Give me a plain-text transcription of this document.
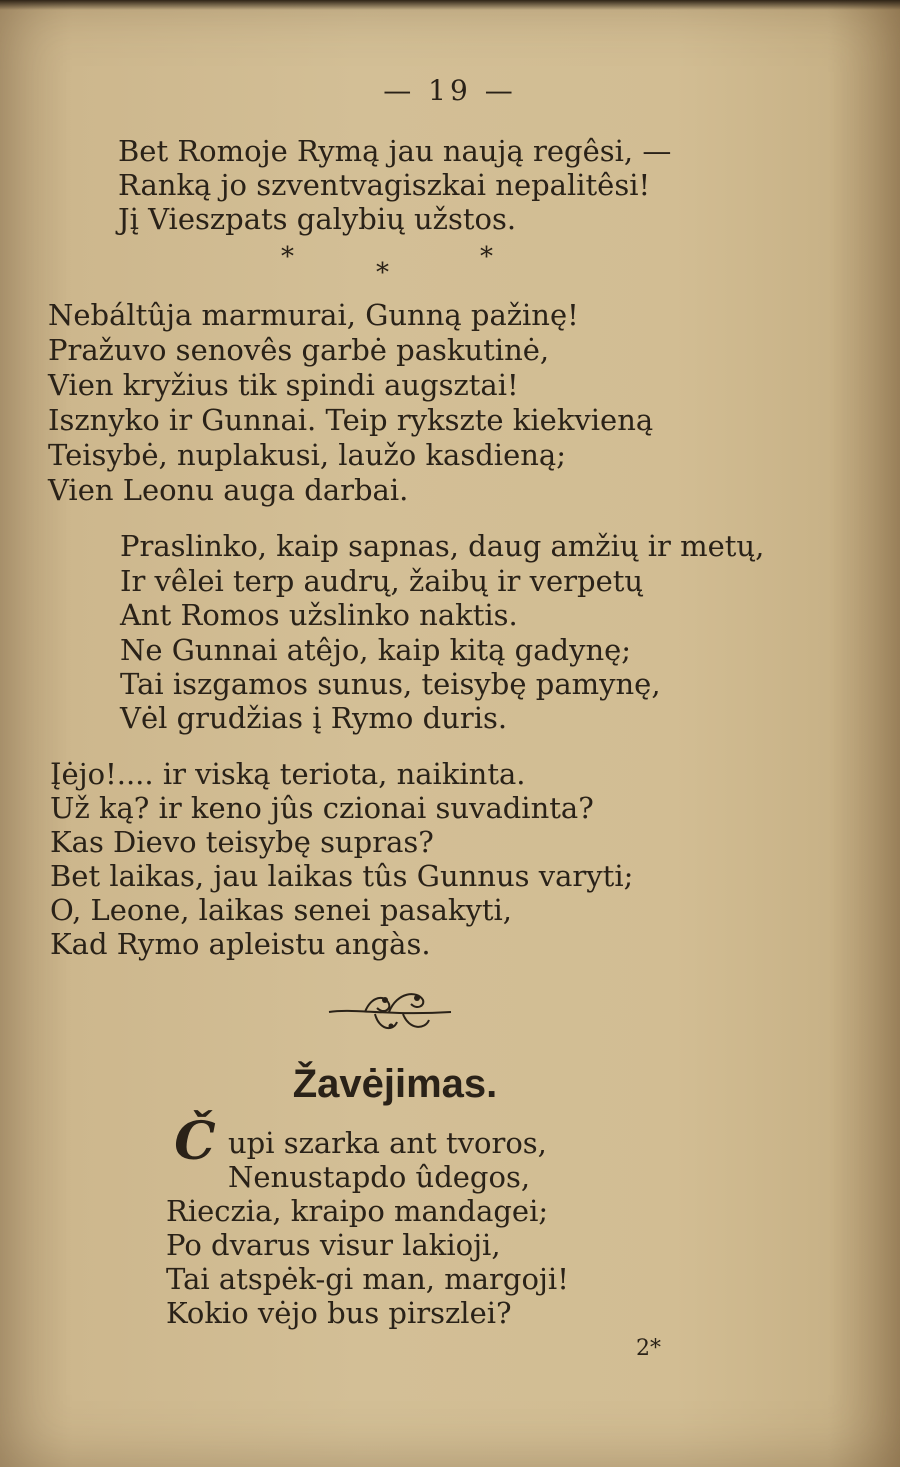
— 19 —
Bet Romoje Rymą jau naują regêsi, —
Ranką jo szventvagiszkai nepalitêsi!
Jį Vieszpats galybių užstos.
*
*
*
Nebáltûja marmurai, Gunną pažinę!
Pražuvo senovês garbė paskutinė,
Vien kryžius tik spindi augsztai!
Isznyko ir Gunnai. Teip rykszte kiekvieną
Teisybė, nuplakusi, laužo kasdieną;
Vien Leonu auga darbai.
Praslinko, kaip sapnas, daug amžių ir metų,
Ir vêlei terp audrų, žaibų ir verpetų
Ant Romos užslinko naktis.
Ne Gunnai atêjo, kaip kitą gadynę;
Tai iszgamos sunus, teisybę pamynę,
Vėl grudžias į Rymo duris.
Įėjo!.... ir viską teriota, naikinta.
Už ką? ir keno jûs czionai suvadinta?
Kas Dievo teisybę supras?
Bet laikas, jau laikas tûs Gunnus varyti;
O, Leone, laikas senei pasakyti,
Kad Rymo apleistu angàs.
Žavėjimas.
Č upi szarka ant tvoros,
Nenustapdo ûdegos,
Rieczia, kraipo mandagei;
Po dvarus visur lakioji,
Tai atspėk-gi man, margoji!
Kokio vėjo bus pirszlei?
2*
